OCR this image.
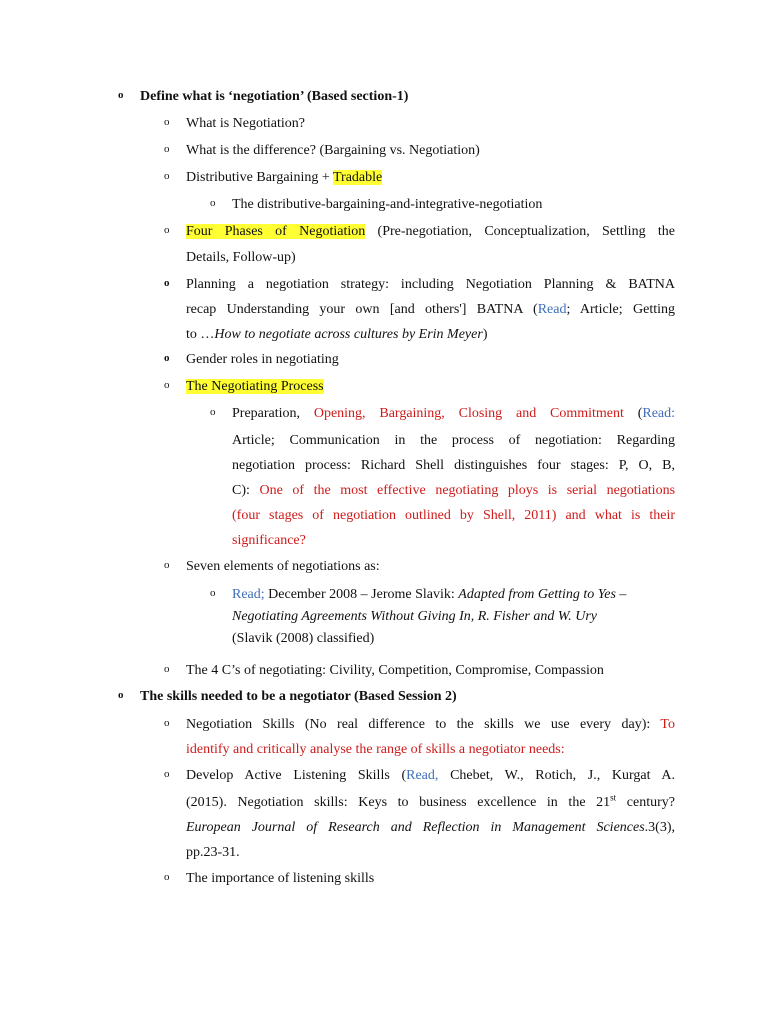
o Define what is ‘negotiation’ (Based section-1)
o What is Negotiation?
o What is the difference? (Bargaining vs. Negotiation)
o Distributive Bargaining + Tradable
o The distributive-bargaining-and-integrative-negotiation
o Four Phases of Negotiation (Pre-negotiation, Conceptualization, Settling the
Details, Follow-up)
o Planning a negotiation strategy: including Negotiation Planning & BATNA
recap Understanding your own [and others'] BATNA (Read; Article; Getting
to …How to negotiate across cultures by Erin Meyer)
o Gender roles in negotiating
o The Negotiating Process
o Preparation, Opening, Bargaining, Closing and Commitment (Read:
Article; Communication in the process of negotiation: Regarding
negotiation process: Richard Shell distinguishes four stages: P, O, B,
C): One of the most effective negotiating ploys is serial negotiations
(four stages of negotiation outlined by Shell, 2011) and what is their
significance?
o Seven elements of negotiations as:
o Read; December 2008 – Jerome Slavik: Adapted from Getting to Yes –
Negotiating Agreements Without Giving In, R. Fisher and W. Ury
(Slavik (2008) classified)
o The 4 C’s of negotiating: Civility, Competition, Compromise, Compassion
o The skills needed to be a negotiator (Based Session 2)
o Negotiation Skills (No real difference to the skills we use every day): To
identify and critically analyse the range of skills a negotiator needs:
o Develop Active Listening Skills (Read, Chebet, W., Rotich, J., Kurgat A.
(2015). Negotiation skills: Keys to business excellence in the 21st century?
European Journal of Research and Reflection in Management Sciences.3(3),
pp.23-31.
o The importance of listening skills
